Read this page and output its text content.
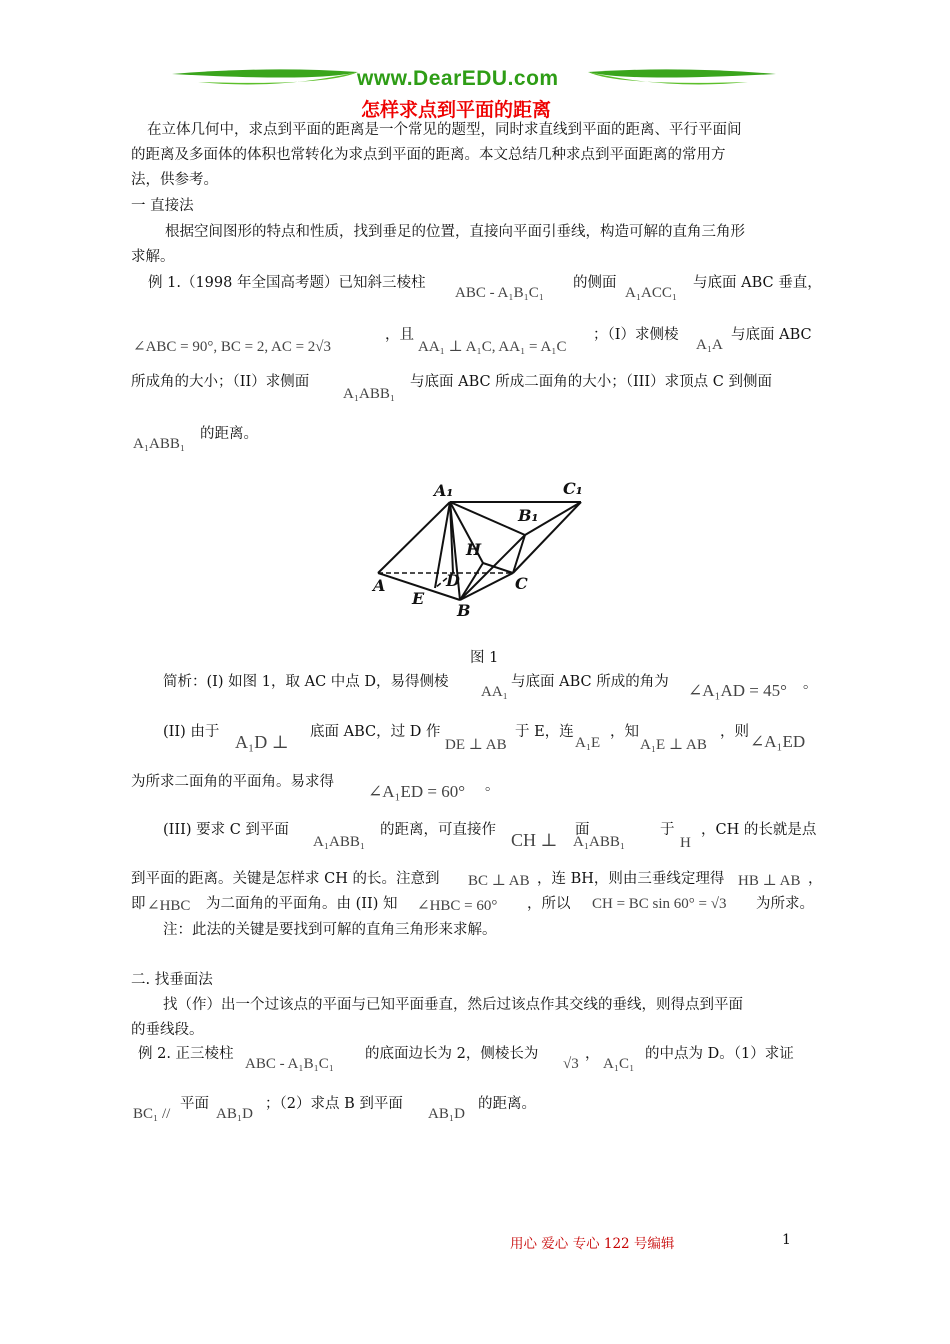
www.DearEDU.com
怎样求点到平面的距离
在立体几何中，求点到平面的距离是一个常见的题型，同时求直线到平面的距离、平行平面间
的距离及多面体的体积也常转化为求点到平面的距离。本文总结几种求点到平面距离的常用方
法，供参考。
一 直接法
根据空间图形的特点和性质，找到垂足的位置，直接向平面引垂线，构造可解的直角三角形
求解。
例 1.（1998 年全国高考题）已知斜三棱柱
ABC - A₁B₁C₁
的侧面
A₁ACC₁
与底面 ABC 垂直，
∠ABC = 90°, BC = 2, AC = 2√3
，且
AA₁ ⊥ A₁C, AA₁ = A₁C
；（I）求侧棱
A₁A
与底面 ABC
所成角的大小；（II）求侧面
A₁ABB₁
与底面 ABC 所成二面角的大小；（III）求顶点 C 到侧面
A₁ABB₁
的距离。
A₁	C₁
B₁
H
A	D	C
E
B
图 1
简析：(I) 如图 1，取 AC 中点 D，易得侧棱
AA₁
与底面 ABC 所成的角为 ∠A₁AD = 45° 。
(II) 由于 A₁D ⊥ 底面 ABC，过 D 作
DE ⊥ AB
于 E，连
A₁E
，知
A₁E ⊥ AB
，则 ∠A₁ED
为所求二面角的平面角。易求得 ∠A₁ED = 60° 。
(III) 要求 C 到平面
A₁ABB₁
的距离，可直接作 CH ⊥ 面
A₁ABB₁
于
H
，CH 的长就是点
到平面的距离。关键是怎样求 CH 的长。注意到 BC ⊥ AB ，连 BH，则由三垂线定理得 HB ⊥ AB ，
即 ∠HBC 为二面角的平面角。由 (II) 知 ∠HBC = 60° ，所以 CH = BC sin 60° = √3 为所求。
注：此法的关键是要找到可解的直角三角形来求解。
二. 找垂面法
找（作）出一个过该点的平面与已知平面垂直，然后过该点作其交线的垂线，则得点到平面
的垂线段。
例 2. 正三棱柱
ABC - A₁B₁C₁
的底面边长为 2，侧棱长为
√3
，
A₁C₁
的中点为 D。（1）求证
BC₁ //
平面
AB₁D
；（2）求点 B 到平面
AB₁D
的距离。
用心 爱心 专心 122 号编辑	1
